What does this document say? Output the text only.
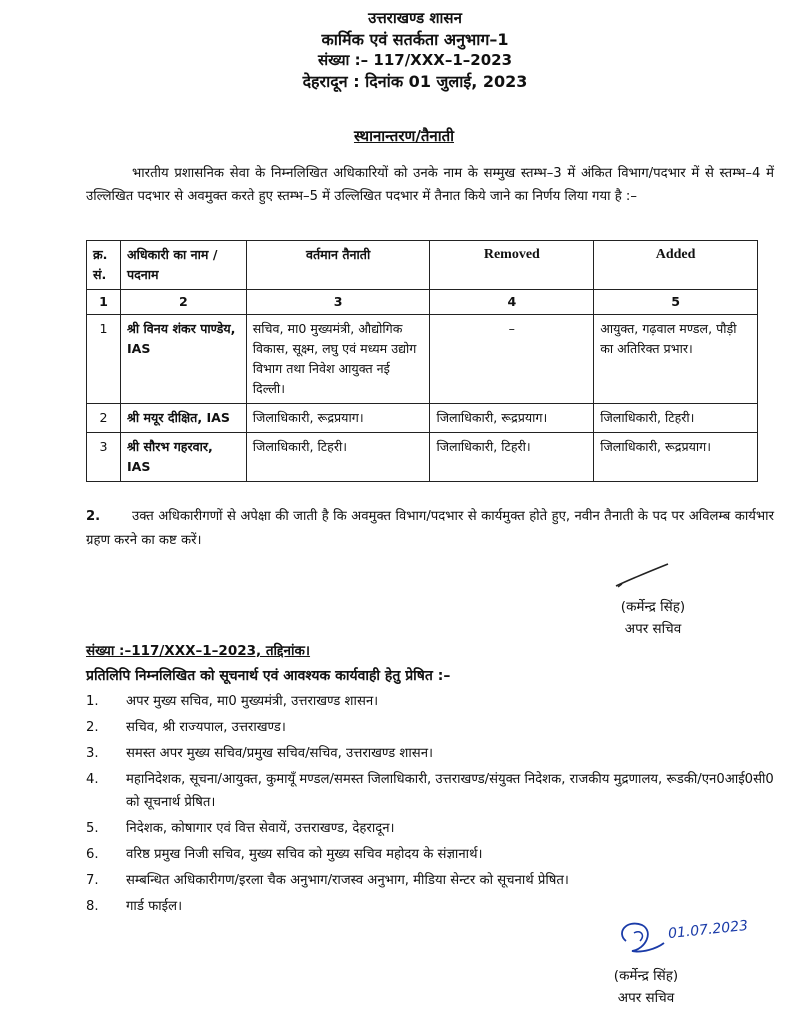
उत्तराखण्ड शासन
कार्मिक एवं सतर्कता अनुभाग–1
संख्या :– 117/XXX–1–2023
देहरादून : दिनांक 01 जुलाई, 2023
स्थानान्तरण/तैनाती
भारतीय प्रशासनिक सेवा के निम्नलिखित अधिकारियों को उनके नाम के सम्मुख स्तम्भ–3 में अंकित विभाग/पदभार में से स्तम्भ–4 में उल्लिखित पदभार से अवमुक्त करते हुए स्तम्भ–5 में उल्लिखित पदभार में तैनात किये जाने का निर्णय लिया गया है :–
क्र. सं.	अधिकारी का नाम /पदनाम	वर्तमान तैनाती	Removed	Added
1	2	3	4	5
1	श्री विनय शंकर पाण्डेय, IAS	सचिव, मा0 मुख्यमंत्री, औद्योगिक विकास, सूक्ष्म, लघु एवं मध्यम उद्योग विभाग तथा निवेश आयुक्त नई दिल्ली।	–	आयुक्त, गढ़वाल मण्डल, पौड़ी का अतिरिक्त प्रभार।
2	श्री मयूर दीक्षित, IAS	जिलाधिकारी, रूद्रप्रयाग।	जिलाधिकारी, रूद्रप्रयाग।	जिलाधिकारी, टिहरी।
3	श्री सौरभ गहरवार, IAS	जिलाधिकारी, टिहरी।	जिलाधिकारी, टिहरी।	जिलाधिकारी, रूद्रप्रयाग।
2. उक्त अधिकारीगणों से अपेक्षा की जाती है कि अवमुक्त विभाग/पदभार से कार्यमुक्त होते हुए, नवीन तैनाती के पद पर अविलम्ब कार्यभार ग्रहण करने का कष्ट करें।
(कर्मेन्द्र सिंह)
अपर सचिव
संख्या :–117/XXX–1–2023, तद्दिनांक।
प्रतिलिपि निम्नलिखित को सूचनार्थ एवं आवश्यक कार्यवाही हेतु प्रेषित :–
1. अपर मुख्य सचिव, मा0 मुख्यमंत्री, उत्तराखण्ड शासन।
2. सचिव, श्री राज्यपाल, उत्तराखण्ड।
3. समस्त अपर मुख्य सचिव/प्रमुख सचिव/सचिव, उत्तराखण्ड शासन।
4. महानिदेशक, सूचना/आयुक्त, कुमायूँ मण्डल/समस्त जिलाधिकारी, उत्तराखण्ड/संयुक्त निदेशक, राजकीय मुद्रणालय, रूडकी/एन0आई0सी0 को सूचनार्थ प्रेषित।
5. निदेशक, कोषागार एवं वित्त सेवायें, उत्तराखण्ड, देहरादून।
6. वरिष्ठ प्रमुख निजी सचिव, मुख्य सचिव को मुख्य सचिव महोदय के संज्ञानार्थ।
7. सम्बन्धित अधिकारीगण/इरला चैक अनुभाग/राजस्व अनुभाग, मीडिया सेन्टर को सूचनार्थ प्रेषित।
8. गार्ड फाईल।
01.07.2023
(कर्मेन्द्र सिंह)
अपर सचिव
